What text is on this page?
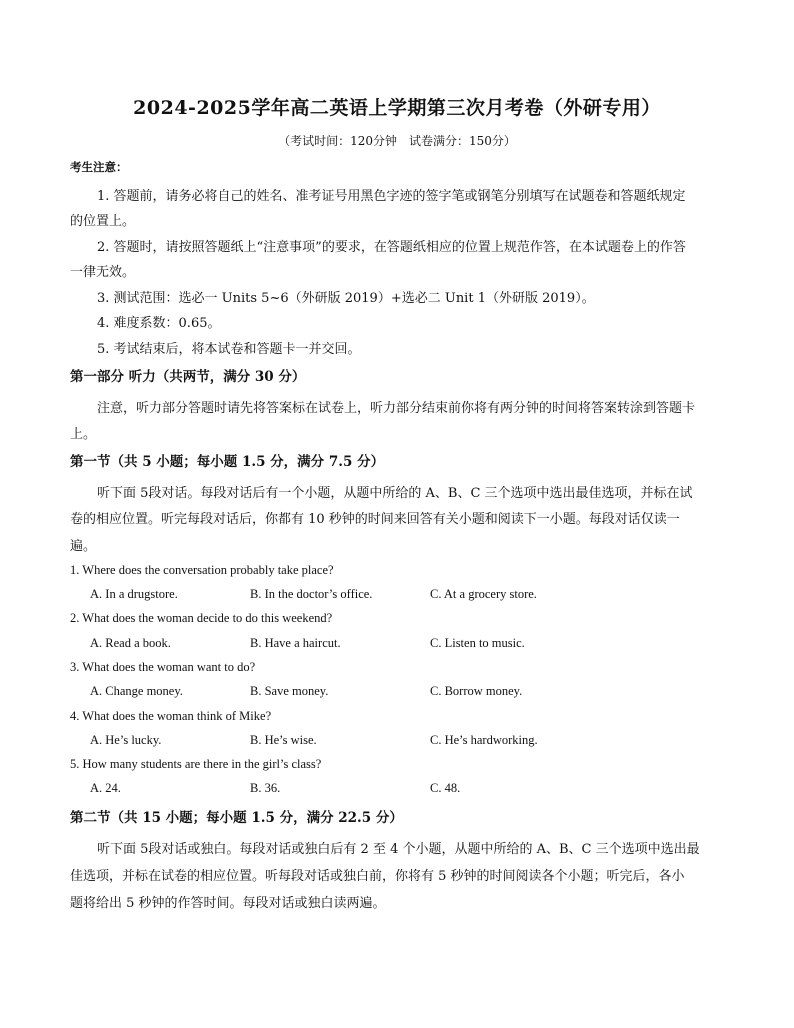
2024-2025学年高二英语上学期第三次月考卷（外研专用）
（考试时间：120分钟　试卷满分：150分）
考生注意：
1. 答题前，请务必将自己的姓名、准考证号用黑色字迹的签字笔或钢笔分别填写在试题卷和答题纸规定
的位置上。
2. 答题时，请按照答题纸上“注意事项”的要求，在答题纸相应的位置上规范作答，在本试题卷上的作答
一律无效。
3. 测试范围：选必一 Units 5~6（外研版 2019）+选必二 Unit 1（外研版 2019）。
4. 难度系数：0.65。
5. 考试结束后，将本试卷和答题卡一并交回。
第一部分 听力（共两节，满分 30 分）
注意，听力部分答题时请先将答案标在试卷上，听力部分结束前你将有两分钟的时间将答案转涂到答题卡
上。
第一节（共 5 小题；每小题 1.5 分，满分 7.5 分）
听下面 5段对话。每段对话后有一个小题，从题中所给的 A、B、C 三个选项中选出最佳选项，并标在试
卷的相应位置。听完每段对话后，你都有 10 秒钟的时间来回答有关小题和阅读下一小题。每段对话仅读一
遍。
1. Where does the conversation probably take place?
A. In a drugstore.	B. In the doctor’s office.	C. At a grocery store.
2. What does the woman decide to do this weekend?
A. Read a book.	B. Have a haircut.	C. Listen to music.
3. What does the woman want to do?
A. Change money.	B. Save money.	C. Borrow money.
4. What does the woman think of Mike?
A. He’s lucky.	B. He’s wise.	C. He’s hardworking.
5. How many students are there in the girl’s class?
A. 24.	B. 36.	C. 48.
第二节（共 15 小题；每小题 1.5 分，满分 22.5 分）
听下面 5段对话或独白。每段对话或独白后有 2 至 4 个小题，从题中所给的 A、B、C 三个选项中选出最
佳选项，并标在试卷的相应位置。听每段对话或独白前，你将有 5 秒钟的时间阅读各个小题；听完后，各小
题将给出 5 秒钟的作答时间。每段对话或独白读两遍。
